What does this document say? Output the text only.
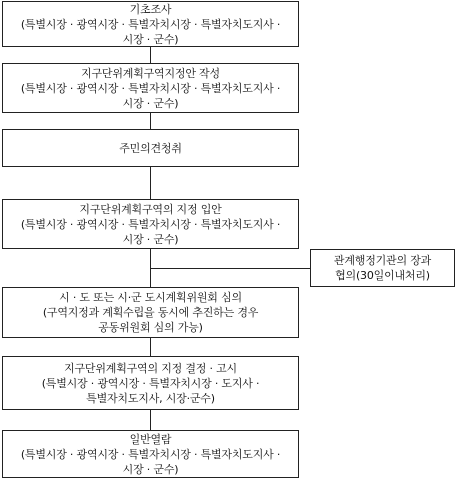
기초조사
(특별시장 · 광역시장 · 특별자치시장 · 특별자치도지사 ·
시장 · 군수)
지구단위계획구역지정안 작성
(특별시장 · 광역시장 · 특별자치시장 · 특별자치도지사 ·
시장 · 군수)
주민의견청취
지구단위계획구역의 지정 입안
(특별시장 · 광역시장 · 특별자치시장 · 특별자치도지사 ·
시장 · 군수)
관계행정기관의 장과
협의(30일이내처리)
시 · 도 또는 시·군 도시계획위원회 심의
(구역지정과 계획수립을 동시에 추진하는 경우
공동위원회 심의 가능)
지구단위계획구역의 지정 결정 · 고시
(특별시장 · 광역시장 · 특별자치시장 · 도지사 ·
특별자치도지사, 시장·군수)
일반열람
(특별시장 · 광역시장 · 특별자치시장 · 특별자치도지사 ·
시장 · 군수)
